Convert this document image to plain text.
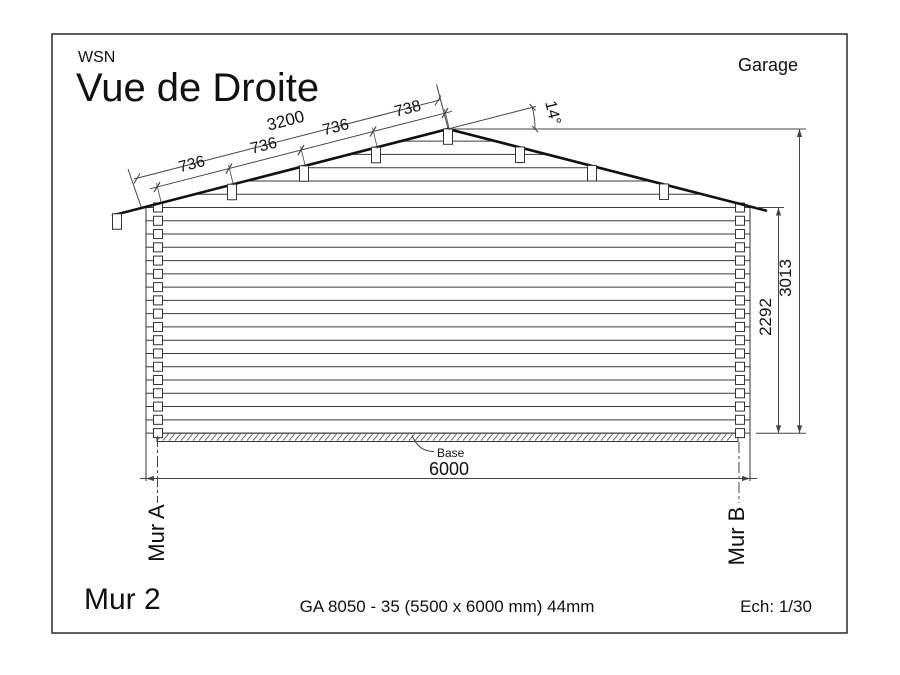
WSN
Vue de Droite
Garage
3200
736
736
736
738	14°
2292
3013
6000
Base
Mur A	Mur B
Mur 2	GA 8050 - 35 (5500 x 6000 mm) 44mm	Ech: 1/30
